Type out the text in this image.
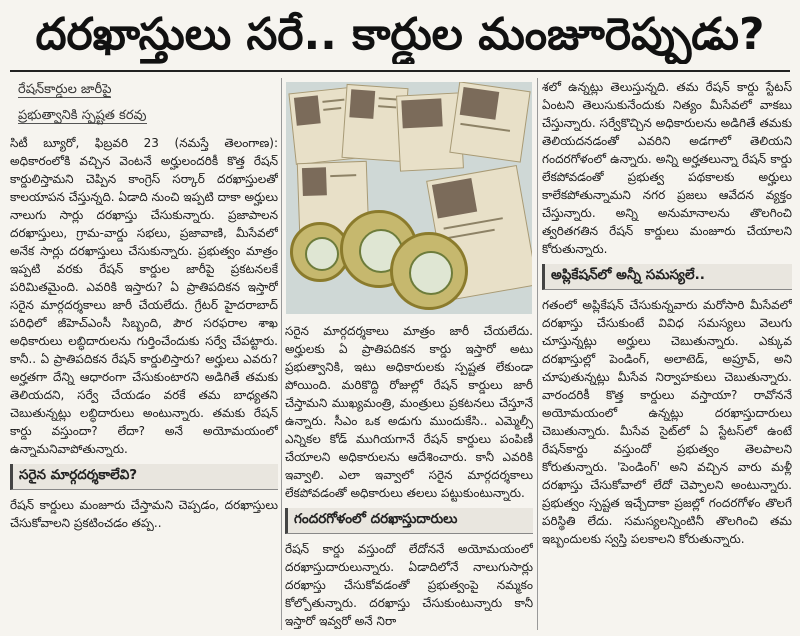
దరఖాస్తులు సరే.. కార్డుల మంజూరెప్పుడు?
రేషన్‌కార్డుల జారీపై
ప్రభుత్వానికి స్పష్టత కరవు

సిటీ బ్యూరో, ఫిబ్రవరి 23 (నమస్తే తెలంగాణ): అధికారంలోకి వచ్చిన వెంటనే అర్హులందరికీ కొత్త రేషన్ కార్డులిస్తామని చెప్పిన కాంగ్రెస్ సర్కార్ దరఖాస్తులతో కాలయాపన చేస్తున్నది. ఏడాది నుంచి ఇప్పటి దాకా అర్హులు నాలుగు సార్లు దరఖాస్తు చేసుకున్నారు. ప్రజాపాలన దరఖాస్తులు, గ్రామ-వార్డు సభలు, ప్రజావాణి, మీసేవలో అనేక సార్లు దరఖాస్తులు చేసుకున్నారు. ప్రభుత్వం మాత్రం ఇప్పటి వరకు రేషన్ కార్డుల జారీపై ప్రకటనలకే పరిమితమైంది. ఎవరికి ఇస్తారు? ఏ ప్రాతిపదికన ఇస్తారో సరైన మార్గదర్శకాలు జారీ చేయలేదు. గ్రేటర్ హైదరాబాద్ పరిధిలో జీహెచ్ఎంసీ సిబ్బంది, పౌర సరఫరాల శాఖ అధికారులు లబ్ధిదారులను గుర్తించేందుకు సర్వే చేపట్టారు. కానీ.. ఏ ప్రాతిపదికన రేషన్ కార్డులిస్తారు? అర్హులు ఎవరు? అర్హతగా దేన్ని ఆధారంగా చేసుకుంటారని అడిగితే తమకు తెలియదని, సర్వే చేయడం వరకే తమ బాధ్యతని చెబుతున్నట్లు లబ్ధిదారులు అంటున్నారు. తమకు రేషన్ కార్డు వస్తుందా? లేదా? అనే అయోమయంలో ఉన్నామనివాపోతున్నారు.

సరైన మార్గదర్శకాలేవి?

రేషన్ కార్డులు మంజూరు చేస్తామని చెప్పడం, దరఖాస్తులు చేసుకోవాలని ప్రకటించడం తప్ప..

సరైన మార్గదర్శకాలు మాత్రం జారీ చేయలేదు. అర్హులకు ఏ ప్రాతిపదికన కార్డు ఇస్తారో అటు ప్రభుత్వానికి, ఇటు అధికారులకు స్పష్టత లేకుండా పోయింది. మరికొద్ది రోజుల్లో రేషన్ కార్డులు జారీ చేస్తామని ముఖ్యమంత్రి, మంత్రులు ప్రకటనలు చేస్తూనే ఉన్నారు. సీఎం ఒక అడుగు ముందుకేసి.. ఎమ్మెల్సీ ఎన్నికల కోడ్ ముగియగానే రేషన్ కార్డులు పంపిణీ చేయాలని అధికారులను ఆదేశించారు. కానీ ఎవరికి ఇవ్వాలి. ఎలా ఇవ్వాలో సరైన మార్గదర్శకాలు లేకపోవడంతో అధికారులు తలలు పట్టుకుంటున్నారు.

గందరగోళంలో దరఖాస్తుదారులు

రేషన్ కార్డు వస్తుందో లేదోననే అయోమయంలో దరఖాస్తుదారులున్నారు. ఏడాదిలోనే నాలుగుసార్లు దరఖాస్తు చేసుకోవడంతో ప్రభుత్వంపై నమ్మకం కోల్పోతున్నారు. దరఖాస్తు చేసుకుంటున్నారు కానీ ఇస్తారో ఇవ్వరో అనే నిరా

శలో ఉన్నట్లు తెలుస్తున్నది. తమ రేషన్ కార్డు స్టేటస్ ఏంటని తెలుసుకునేందుకు నిత్యం మీసేవలో వాకబు చేస్తున్నారు. సర్వేకొచ్చిన అధికారులను అడిగితే తమకు తెలియదనడంతో ఎవరిని అడగాలో తెలియని గందరగోళంలో ఉన్నారు. అన్ని అర్హతలున్నా రేషన్ కార్డు లేకపోవడంతో ప్రభుత్వ పథకాలకు అర్హులు కాలేకపోతున్నామని నగర ప్రజలు ఆవేదన వ్యక్తం చేస్తున్నారు. అన్ని అనుమానాలను తొలగించి త్వరితగతిన రేషన్ కార్డులు మంజూరు చేయాలని కోరుతున్నారు.

అప్లికేషన్‌లో అన్నీ సమస్యలే..

గతంలో అప్లికేషన్ చేసుకున్నవారు మరోసారి మీసేవలో దరఖాస్తు చేసుకుంటే వివిధ సమస్యలు వెలుగు చూస్తున్నట్లు అర్హులు చెబుతున్నారు. ఎక్కువ దరఖాస్తుల్లో పెండింగ్, అలాటెడ్, అప్రూవ్, అని చూపుతున్నట్లు మీసేవ నిర్వాహకులు చెబుతున్నారు. వారందరికీ కొత్త కార్డులు వస్తాయా? రావోననే అయోమయంలో ఉన్నట్లు దరఖాస్తుదారులు చెబుతున్నారు. మీసేవ సైట్‌లో ఏ స్టేటస్‌లో ఉంటే రేషన్‌కార్డు వస్తుందో ప్రభుత్వం తెలపాలని కోరుతున్నారు. 'పెండింగ్' అని వచ్చిన వారు మళ్లీ దరఖాస్తు చేసుకోవాలో లేదో చెప్పాలని అంటున్నారు. ప్రభుత్వం స్పష్టత ఇచ్చేదాకా ప్రజల్లో గందరగోళం తొలగే పరిస్థితి లేదు. సమస్యలన్నింటినీ తొలగించి తమ ఇబ్బందులకు స్వస్తి పలకాలని కోరుతున్నారు.
